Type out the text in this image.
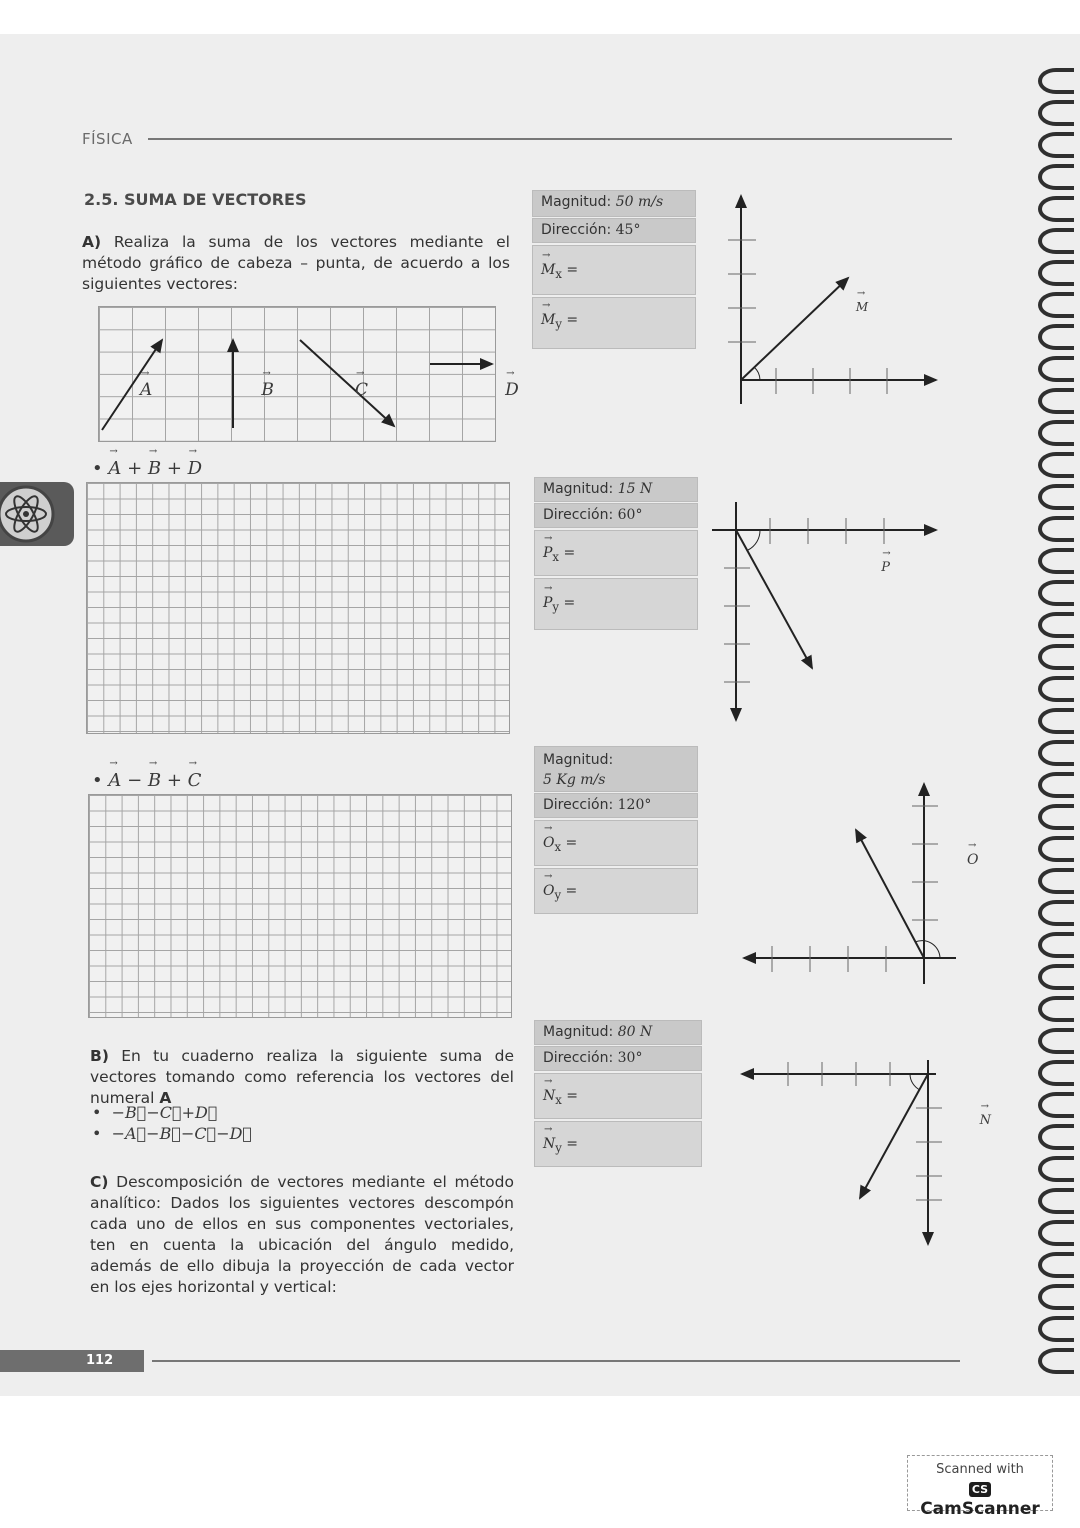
FÍSICA
2.5. SUMA DE VECTORES
A) Realiza la suma de los vectores mediante el método gráfico de cabeza – punta, de acuerdo a los siguientes vectores:
→ A	→ B	→ C	→ D
• → A + → B + → D
• → A − → B + → C
B) En tu cuaderno realiza la siguiente suma de vectores tomando como referencia los vectores del numeral A
•  −B⃗−C⃗+D⃗
•  −A⃗−B⃗−C⃗−D⃗
C) Descomposición de vectores mediante el método analítico: Dados los siguientes vectores descompón cada uno de ellos en sus componentes vectoriales, ten en cuenta la ubicación del ángulo medido, además de ello dibuja la proyección de cada vector en los ejes horizontal y vertical:
Magnitud: 50 m/s
Dirección: 45°
→ $M_x$ =
→ $M_y$ =
Magnitud: 15 N
Dirección: 60°
→ $P_x$ =
→ $P_y$ =
Magnitud:
5 Kg m/s
Dirección: 120°
→ $O_x$ =
→ $O_y$ =
Magnitud: 80 N
Dirección: 30°
→ $N_x$ =
→ $N_y$ =
→ $_M$ → $_P$ → O → $_N$
112
Scanned with
CS CamScanner
